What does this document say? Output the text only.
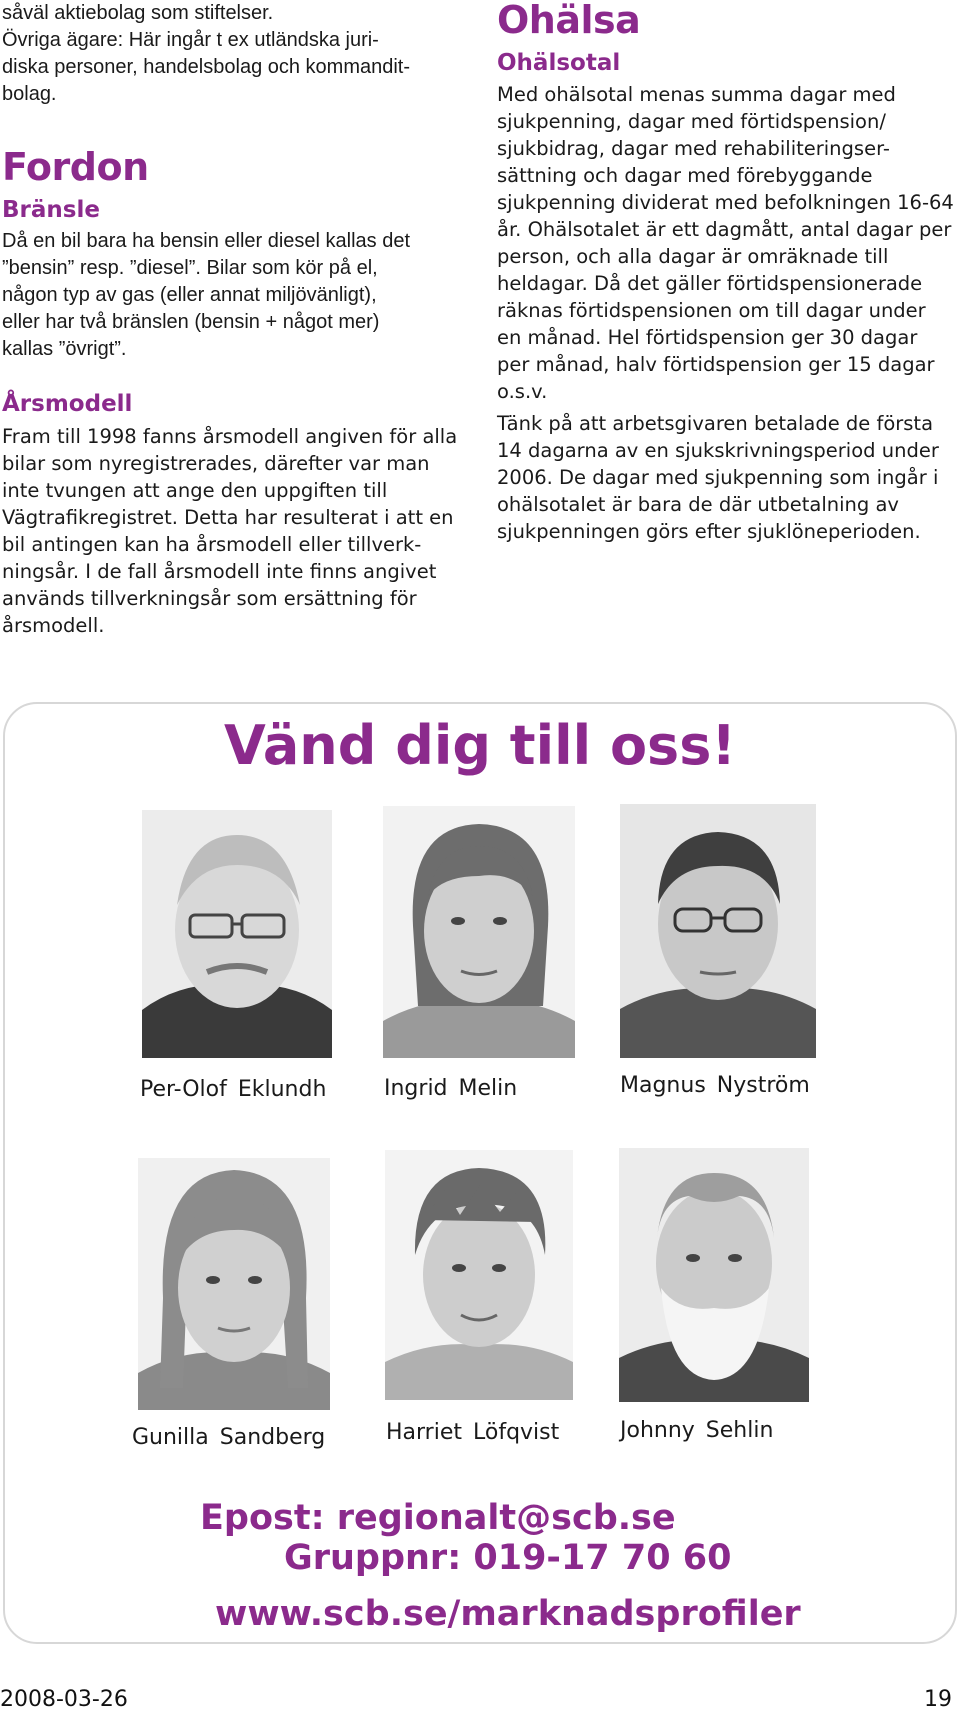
såväl aktiebolag som stiftelser.
Övriga ägare: Här ingår t ex utländska juri-
diska personer, handelsbolag och kommandit-
bolag.
Fordon
Bränsle
Då en bil bara ha bensin eller diesel kallas det
”bensin” resp. ”diesel”. Bilar som kör på el,
någon typ av gas (eller annat miljövänligt),
eller har två bränslen (bensin + något mer)
kallas ”övrigt”.
Årsmodell
Fram till 1998 fanns årsmodell angiven för alla
bilar som nyregistrerades, därefter var man
inte tvungen att ange den uppgiften till
Vägtrafikregistret. Detta har resulterat i att en
bil antingen kan ha årsmodell eller tillverk-
ningsår. I de fall årsmodell inte finns angivet
används tillverkningsår som ersättning för
årsmodell.
Ohälsa
Ohälsotal
Med ohälsotal menas summa dagar med
sjukpenning, dagar med förtidspension/
sjukbidrag, dagar med rehabiliteringser-
sättning och dagar med förebyggande
sjukpenning dividerat med befolkningen 16-64
år. Ohälsotalet är ett dagmått, antal dagar per
person, och alla dagar är omräknade till
heldagar. Då det gäller förtidspensionerade
räknas förtidspensionen om till dagar under
en månad. Hel förtidspension ger 30 dagar
per månad, halv förtidspension ger 15 dagar
o.s.v.
Tänk på att arbetsgivaren betalade de första
14 dagarna av en sjukskrivningsperiod under
2006. De dagar med sjukpenning som ingår i
ohälsotalet är bara de där utbetalning av
sjukpenningen görs efter sjuklöneperioden.
Vänd dig till oss!
Per-Olof Eklundh	Ingrid Melin	Magnus Nyström
Gunilla Sandberg	Harriet Löfqvist	Johnny Sehlin
Epost: regionalt@scb.se
Gruppnr: 019-17 70 60
www.scb.se/marknadsprofiler
2008-03-26	19
